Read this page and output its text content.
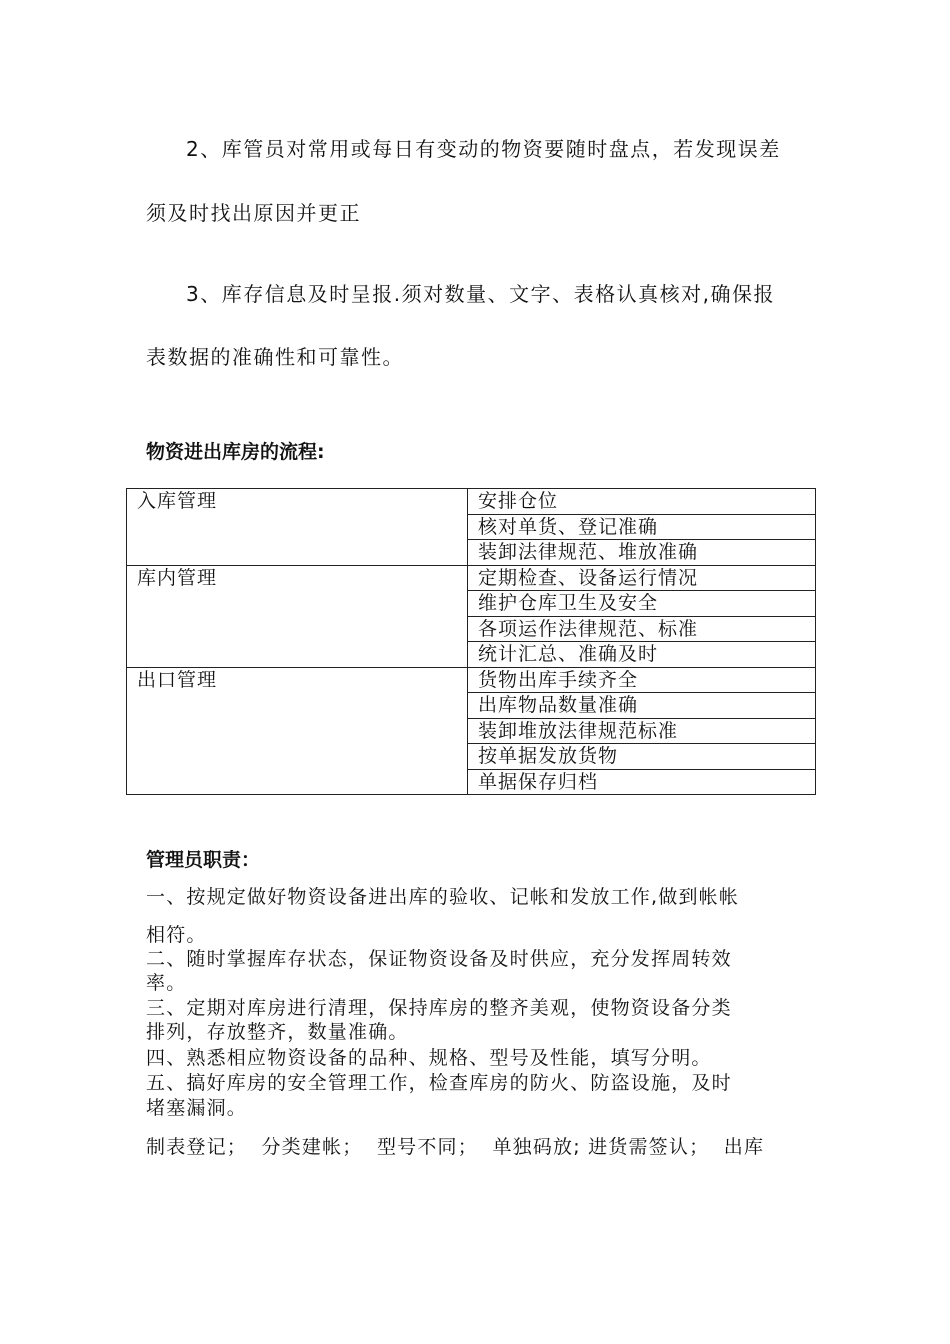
2、库管员对常用或每日有变动的物资要随时盘点，若发现误差

须及时找出原因并更正

3、库存信息及时呈报.须对数量、文字、表格认真核对,确保报

表数据的准确性和可靠性。

物资进出库房的流程:

入库管理	安排仓位
	核对单货、登记准确
	装卸法律规范、堆放准确
库内管理	定期检查、设备运行情况
	维护仓库卫生及安全
	各项运作法律规范、标准
	统计汇总、准确及时
出口管理	货物出库手续齐全
	出库物品数量准确
	装卸堆放法律规范标准
	按单据发放货物
	单据保存归档

管理员职责：

一、按规定做好物资设备进出库的验收、记帐和发放工作,做到帐帐

相符。

二、随时掌握库存状态，保证物资设备及时供应，充分发挥周转效

率。

三、定期对库房进行清理，保持库房的整齐美观，使物资设备分类

排列，存放整齐，数量准确。

四、熟悉相应物资设备的品种、规格、型号及性能，填写分明。

五、搞好库房的安全管理工作，检查库房的防火、防盗设施，及时

堵塞漏洞。

制表登记；  分类建帐；  型号不同；  单独码放; 进货需签认；  出库
